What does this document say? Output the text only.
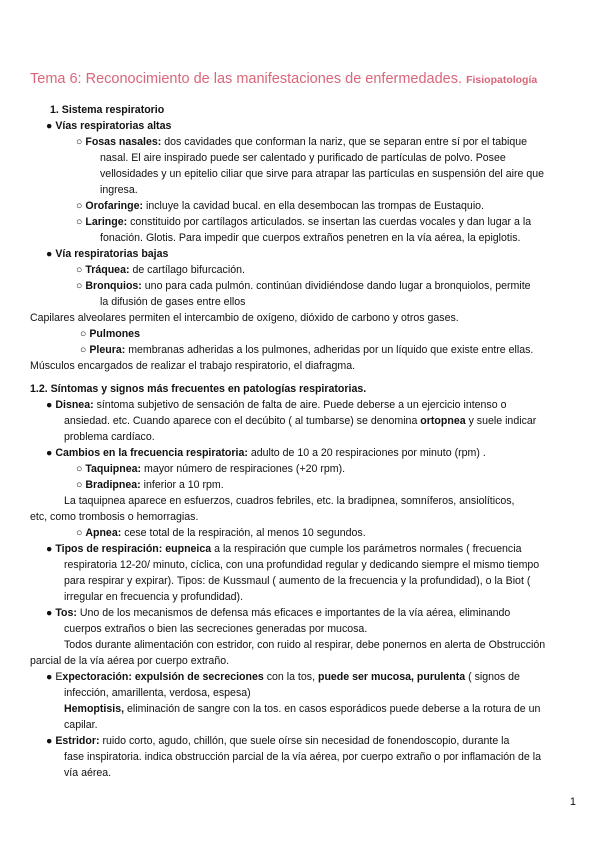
Tema 6: Reconocimiento de las manifestaciones de enfermedades. Fisiopatología
1. Sistema respiratorio
● Vías respiratorias altas
○ Fosas nasales: dos cavidades que conforman la nariz, que se separan entre sí por el tabique
nasal. El aire inspirado puede ser calentado y purificado de partículas de polvo. Posee
vellosidades y un epitelio ciliar que sirve para atrapar las partículas en suspensión del aire que
ingresa.
○ Orofaringe: incluye la cavidad bucal. en ella desembocan las trompas de Eustaquio.
○ Laringe: constituido por cartílagos articulados. se insertan las cuerdas vocales y dan lugar a la
fonación. Glotis. Para impedir que cuerpos extraños penetren en la vía aérea, la epiglotis.
● Vía respiratorias bajas
○ Tráquea: de cartílago bifurcación.
○ Bronquios: uno para cada pulmón. continúan dividiéndose dando lugar a bronquiolos, permite
la difusión de gases entre ellos
Capilares alveolares permiten el intercambio de oxígeno, dióxido de carbono y otros gases.
○ Pulmones
○ Pleura: membranas adheridas a los pulmones, adheridas por un líquido que existe entre ellas.
Músculos encargados de realizar el trabajo respiratorio, el diafragma.
1.2. Síntomas y signos más frecuentes en patologías respiratorias.
● Disnea: síntoma subjetivo de sensación de falta de aire. Puede deberse a un ejercicio intenso o
ansiedad. etc. Cuando aparece con el decúbito ( al tumbarse) se denomina ortopnea y suele indicar
problema cardíaco.
● Cambios en la frecuencia respiratoria: adulto de 10 a 20 respiraciones por minuto (rpm) .
○ Taquipnea: mayor número de respiraciones (+20 rpm).
○ Bradipnea: inferior a 10 rpm.
La taquipnea aparece en esfuerzos, cuadros febriles, etc. la bradipnea, somníferos, ansiolíticos,
etc, como trombosis o hemorragias.
○ Apnea: cese total de la respiración, al menos 10 segundos.
● Tipos de respiración: eupneica a la respiración que cumple los parámetros normales ( frecuencia
respiratoria 12-20/ minuto, cíclica, con una profundidad regular y dedicando siempre el mismo tiempo
para respirar y expirar). Tipos: de Kussmaul ( aumento de la frecuencia y la profundidad), o la Biot (
irregular en frecuencia y profundidad).
● Tos: Uno de los mecanismos de defensa más eficaces e importantes de la vía aérea, eliminando
cuerpos extraños o bien las secreciones generadas por mucosa.
Todos durante alimentación con estridor, con ruido al respirar, debe ponernos en alerta de Obstrucción
parcial de la vía aérea por cuerpo extraño.
● Expectoración: expulsión de secreciones con la tos, puede ser mucosa, purulenta ( signos de
infección, amarillenta, verdosa, espesa)
Hemoptisis, eliminación de sangre con la tos. en casos esporádicos puede deberse a la rotura de un
capilar.
● Estridor: ruido corto, agudo, chillón, que suele oírse sin necesidad de fonendoscopio, durante la
fase inspiratoria. indica obstrucción parcial de la vía aérea, por cuerpo extraño o por inflamación de la
vía aérea.
1
